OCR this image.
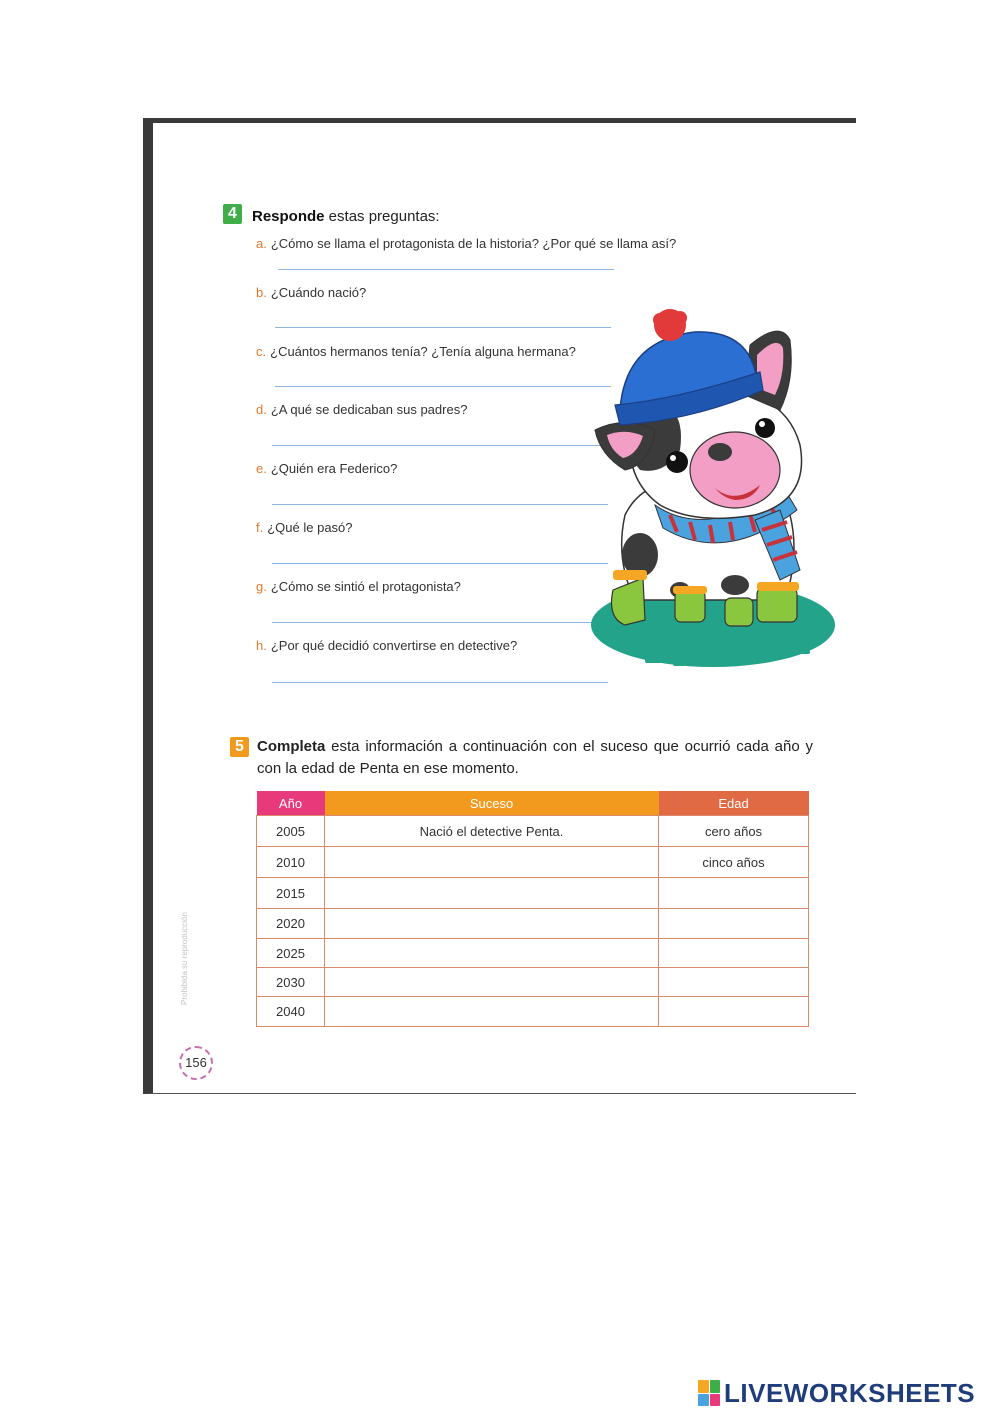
4	Responde estas preguntas:
a. ¿Cómo se llama el protagonista de la historia? ¿Por qué se llama así?
b. ¿Cuándo nació?
c. ¿Cuántos hermanos tenía? ¿Tenía alguna hermana?
d. ¿A qué se dedicaban sus padres?
e. ¿Quién era Federico?
f. ¿Qué le pasó?
g. ¿Cómo se sintió el protagonista?
h. ¿Por qué decidió convertirse en detective?
5 Completa esta información a continuación con el suceso que ocurrió cada año y con la edad de Penta en ese momento.
Año	Suceso	Edad
2005	Nació el detective Penta.	cero años
2010		cinco años
2015		
2020		
2025		
2030		
2040		
Prohibida su reproducción
156
LIVEWORKSHEETS
